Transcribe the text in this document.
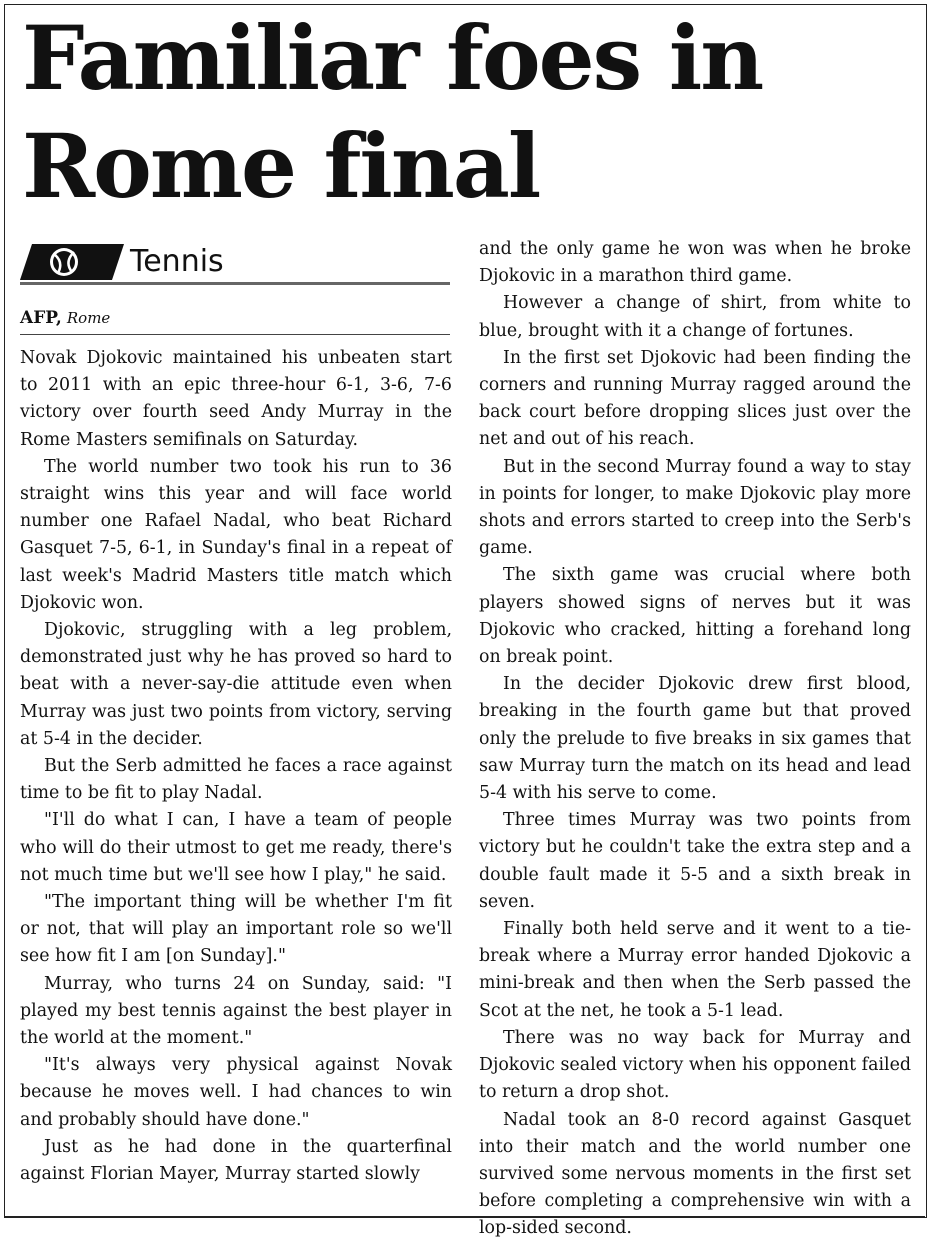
Familiar foes in
Rome final
Tennis
AFP, Rome

Novak Djokovic maintained his unbeaten start to 2011 with an epic three-hour 6-1, 3-6, 7-6 victory over fourth seed Andy Murray in the Rome Masters semifinals on Saturday.

The world number two took his run to 36 straight wins this year and will face world number one Rafael Nadal, who beat Richard Gasquet 7-5, 6-1, in Sunday's final in a repeat of last week's Madrid Masters title match which Djokovic won.

Djokovic, struggling with a leg problem, demonstrated just why he has proved so hard to beat with a never-say-die attitude even when Murray was just two points from victory, serving at 5-4 in the decider.

But the Serb admitted he faces a race against time to be fit to play Nadal.

"I'll do what I can, I have a team of people who will do their utmost to get me ready, there's not much time but we'll see how I play," he said.

"The important thing will be whether I'm fit or not, that will play an important role so we'll see how fit I am [on Sunday]."

Murray, who turns 24 on Sunday, said: "I played my best tennis against the best player in the world at the moment."

"It's always very physical against Novak because he moves well. I had chances to win and probably should have done."

Just as he had done in the quarterfinal against Florian Mayer, Murray started slowly

and the only game he won was when he broke Djokovic in a marathon third game.

However a change of shirt, from white to blue, brought with it a change of fortunes.

In the first set Djokovic had been finding the corners and running Murray ragged around the back court before dropping slices just over the net and out of his reach.

But in the second Murray found a way to stay in points for longer, to make Djokovic play more shots and errors started to creep into the Serb's game.

The sixth game was crucial where both players showed signs of nerves but it was Djokovic who cracked, hitting a forehand long on break point.

In the decider Djokovic drew first blood, breaking in the fourth game but that proved only the prelude to five breaks in six games that saw Murray turn the match on its head and lead 5-4 with his serve to come.

Three times Murray was two points from victory but he couldn't take the extra step and a double fault made it 5-5 and a sixth break in seven.

Finally both held serve and it went to a tie-break where a Murray error handed Djokovic a mini-break and then when the Serb passed the Scot at the net, he took a 5-1 lead.

There was no way back for Murray and Djokovic sealed victory when his opponent failed to return a drop shot.

Nadal took an 8-0 record against Gasquet into their match and the world number one survived some nervous moments in the first set before completing a comprehensive win with a lop-sided second.
